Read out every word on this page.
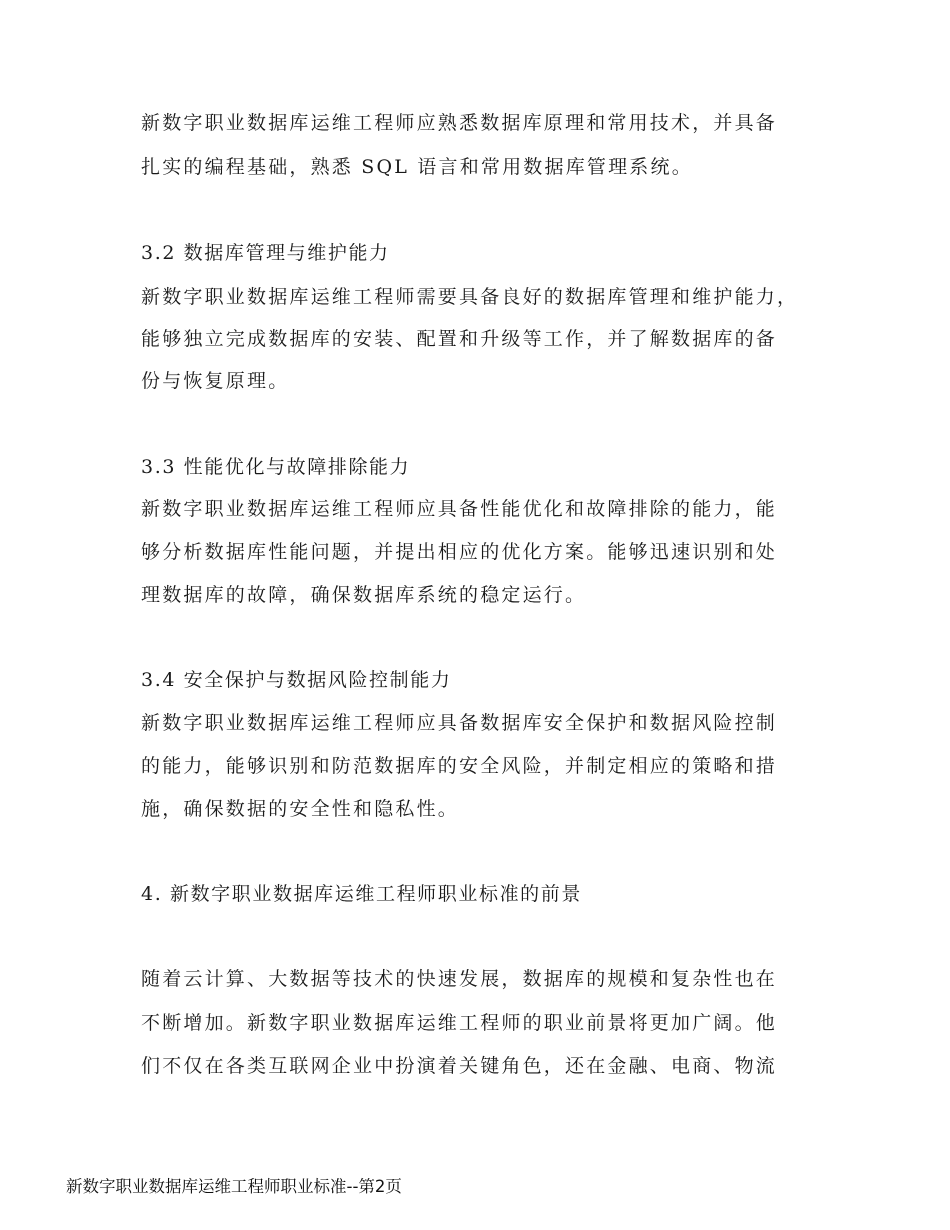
新数字职业数据库运维工程师应熟悉数据库原理和常用技术，并具备
扎实的编程基础，熟悉 SQL 语言和常用数据库管理系统。
3.2 数据库管理与维护能力
新数字职业数据库运维工程师需要具备良好的数据库管理和维护能力，
能够独立完成数据库的安装、配置和升级等工作，并了解数据库的备
份与恢复原理。
3.3 性能优化与故障排除能力
新数字职业数据库运维工程师应具备性能优化和故障排除的能力，能
够分析数据库性能问题，并提出相应的优化方案。能够迅速识别和处
理数据库的故障，确保数据库系统的稳定运行。
3.4 安全保护与数据风险控制能力
新数字职业数据库运维工程师应具备数据库安全保护和数据风险控制
的能力，能够识别和防范数据库的安全风险，并制定相应的策略和措
施，确保数据的安全性和隐私性。
4. 新数字职业数据库运维工程师职业标准的前景
随着云计算、大数据等技术的快速发展，数据库的规模和复杂性也在
不断增加。新数字职业数据库运维工程师的职业前景将更加广阔。他
们不仅在各类互联网企业中扮演着关键角色，还在金融、电商、物流
新数字职业数据库运维工程师职业标准--第2页
